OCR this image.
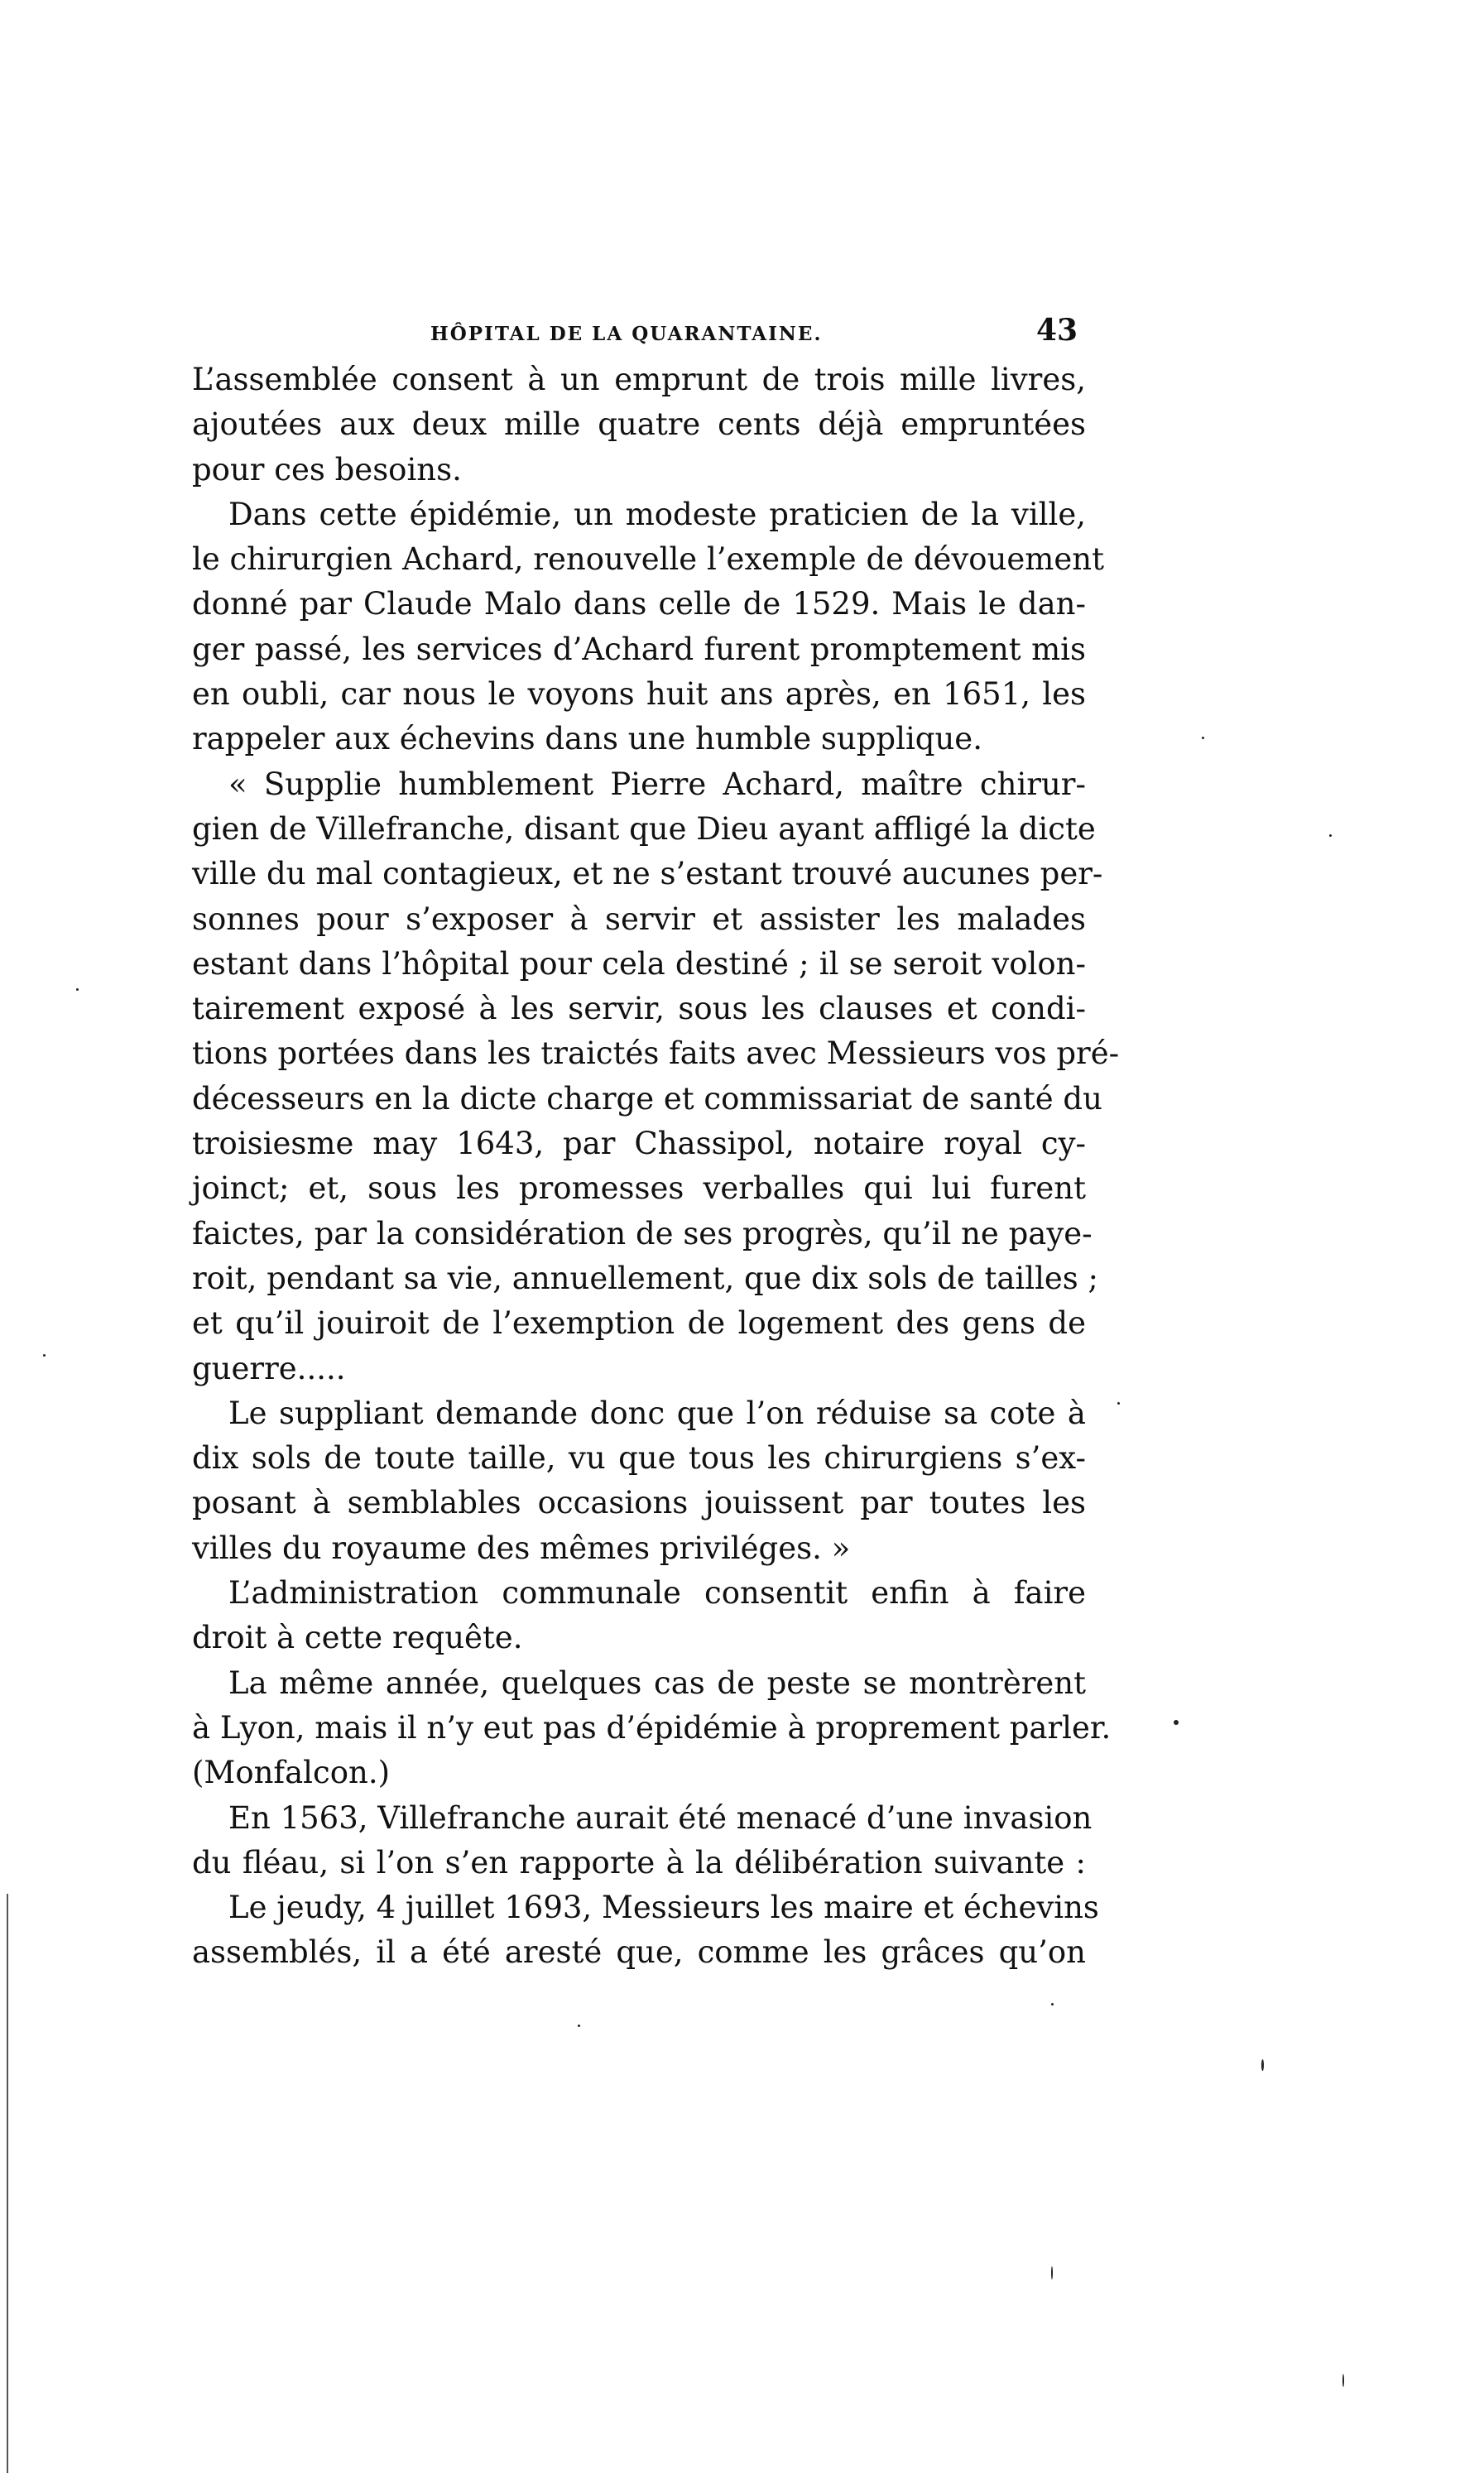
HÔPITAL DE LA QUARANTAINE.	43
L’assemblée consent à un emprunt de trois mille livres,
ajoutées aux deux mille quatre cents déjà empruntées
pour ces besoins.
Dans cette épidémie, un modeste praticien de la ville,
le chirurgien Achard, renouvelle l’exemple de dévouement
donné par Claude Malo dans celle de 1529. Mais le dan-
ger passé, les services d’Achard furent promptement mis
en oubli, car nous le voyons huit ans après, en 1651, les
rappeler aux échevins dans une humble supplique.
« Supplie humblement Pierre Achard, maître chirur-
gien de Villefranche, disant que Dieu ayant affligé la dicte
ville du mal contagieux, et ne s’estant trouvé aucunes per-
sonnes pour s’exposer à servir et assister les malades
estant dans l’hôpital pour cela destiné ; il se seroit volon-
tairement exposé à les servir, sous les clauses et condi-
tions portées dans les traictés faits avec Messieurs vos pré-
décesseurs en la dicte charge et commissariat de santé du
troisiesme may 1643, par Chassipol, notaire royal cy-
joinct; et, sous les promesses verballes qui lui furent
faictes, par la considération de ses progrès, qu’il ne paye-
roit, pendant sa vie, annuellement, que dix sols de tailles ;
et qu’il jouiroit de l’exemption de logement des gens de
guerre.....
Le suppliant demande donc que l’on réduise sa cote à
dix sols de toute taille, vu que tous les chirurgiens s’ex-
posant à semblables occasions jouissent par toutes les
villes du royaume des mêmes priviléges. »
L’administration communale consentit enfin à faire
droit à cette requête.
La même année, quelques cas de peste se montrèrent
à Lyon, mais il n’y eut pas d’épidémie à proprement parler.
(Monfalcon.)
En 1563, Villefranche aurait été menacé d’une invasion
du fléau, si l’on s’en rapporte à la délibération suivante :
Le jeudy, 4 juillet 1693, Messieurs les maire et échevins
assemblés, il a été aresté que, comme les grâces qu’on
